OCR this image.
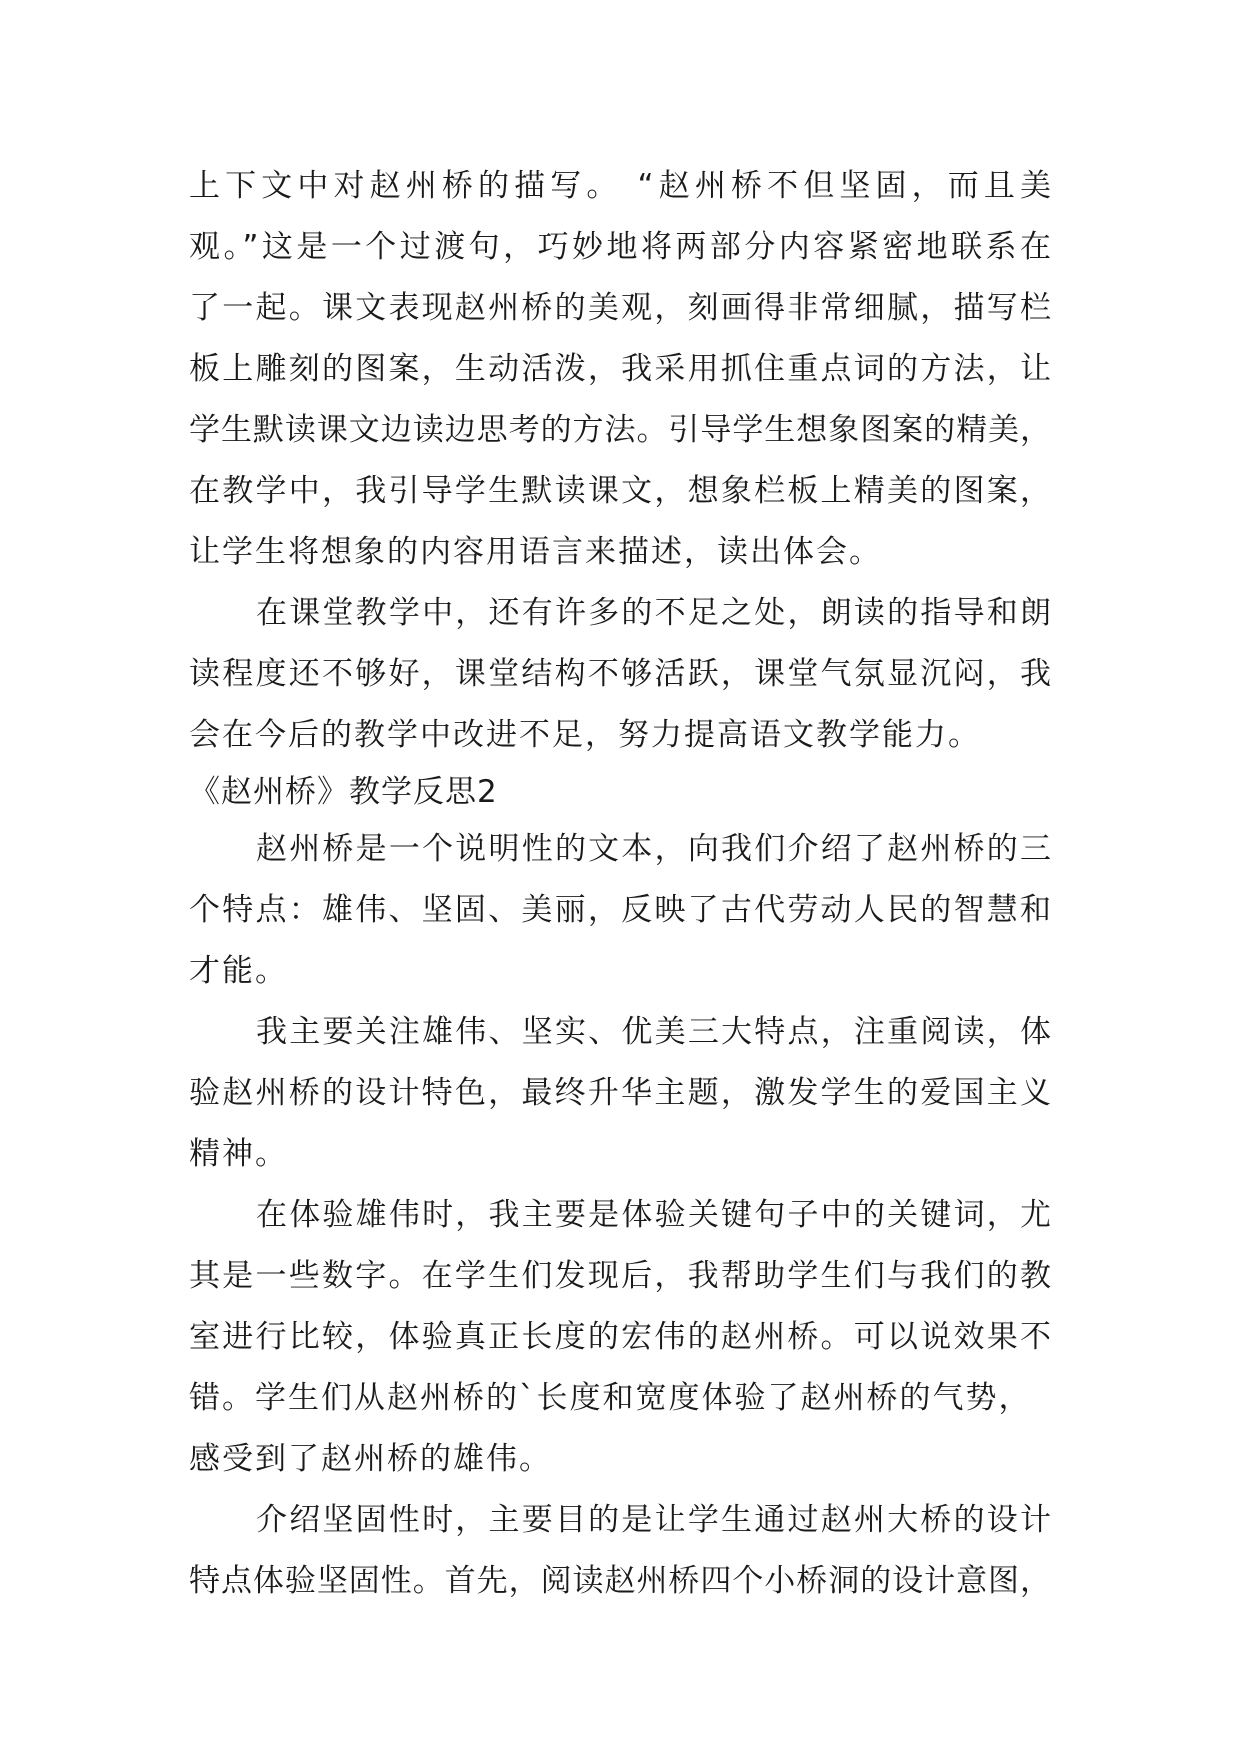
上下文中对赵州桥的描写。 “赵州桥不但坚固，而且美
观。”这是一个过渡句，巧妙地将两部分内容紧密地联系在
了一起。课文表现赵州桥的美观，刻画得非常细腻，描写栏
板上雕刻的图案，生动活泼，我采用抓住重点词的方法，让
学生默读课文边读边思考的方法。引导学生想象图案的精美，
在教学中，我引导学生默读课文，想象栏板上精美的图案，
让学生将想象的内容用语言来描述，读出体会。
在课堂教学中，还有许多的不足之处，朗读的指导和朗
读程度还不够好，课堂结构不够活跃，课堂气氛显沉闷，我
会在今后的教学中改进不足，努力提高语文教学能力。
《赵州桥》教学反思2
赵州桥是一个说明性的文本，向我们介绍了赵州桥的三
个特点：雄伟、坚固、美丽，反映了古代劳动人民的智慧和
才能。
我主要关注雄伟、坚实、优美三大特点，注重阅读，体
验赵州桥的设计特色，最终升华主题，激发学生的爱国主义
精神。
在体验雄伟时，我主要是体验关键句子中的关键词，尤
其是一些数字。在学生们发现后，我帮助学生们与我们的教
室进行比较，体验真正长度的宏伟的赵州桥。可以说效果不
错。学生们从赵州桥的`长度和宽度体验了赵州桥的气势，
感受到了赵州桥的雄伟。
介绍坚固性时，主要目的是让学生通过赵州大桥的设计
特点体验坚固性。首先，阅读赵州桥四个小桥洞的设计意图，
